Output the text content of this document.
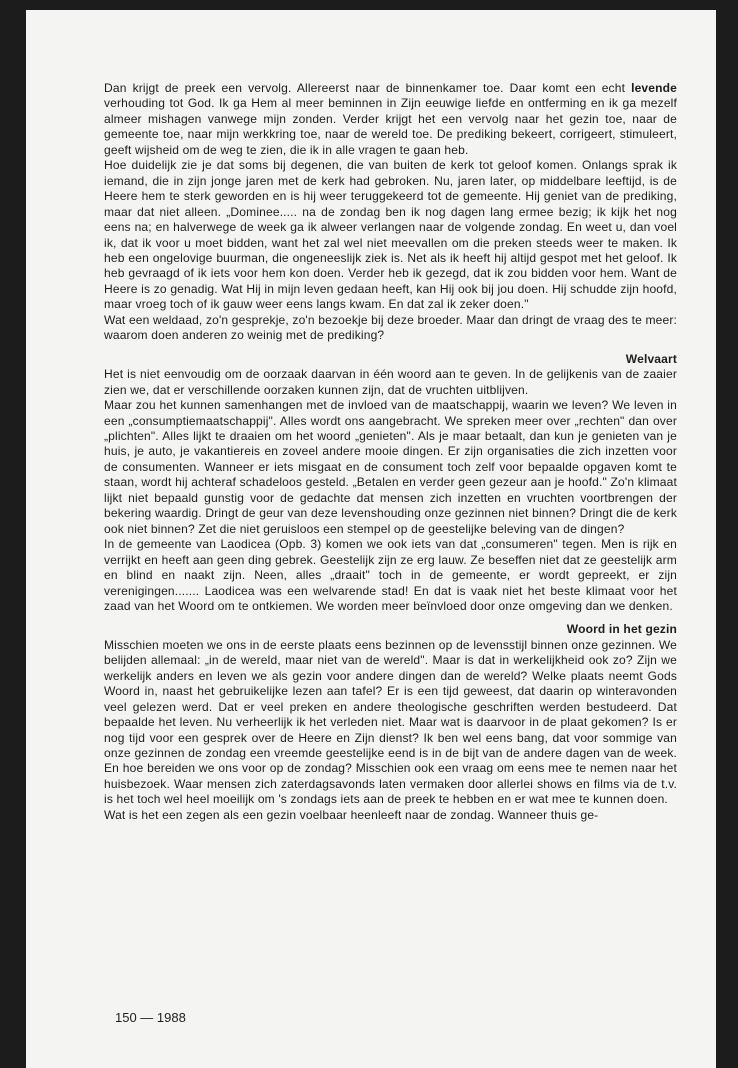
Dan krijgt de preek een vervolg. Allereerst naar de binnenkamer toe. Daar komt een echt levende verhouding tot God. Ik ga Hem al meer beminnen in Zijn eeuwige liefde en ontferming en ik ga mezelf almeer mishagen vanwege mijn zonden. Verder krijgt het een vervolg naar het gezin toe, naar de gemeente toe, naar mijn werkkring toe, naar de wereld toe. De prediking bekeert, corrigeert, stimuleert, geeft wijsheid om de weg te zien, die ik in alle vragen te gaan heb.

Hoe duidelijk zie je dat soms bij degenen, die van buiten de kerk tot geloof komen. Onlangs sprak ik iemand, die in zijn jonge jaren met de kerk had gebroken. Nu, jaren later, op middelbare leeftijd, is de Heere hem te sterk geworden en is hij weer teruggekeerd tot de gemeente. Hij geniet van de prediking, maar dat niet alleen. „Dominee..... na de zondag ben ik nog dagen lang ermee bezig; ik kijk het nog eens na; en halverwege de week ga ik alweer verlangen naar de volgende zondag. En weet u, dan voel ik, dat ik voor u moet bidden, want het zal wel niet meevallen om die preken steeds weer te maken. Ik heb een ongelovige buurman, die ongeneeslijk ziek is. Net als ik heeft hij altijd gespot met het geloof. Ik heb gevraagd of ik iets voor hem kon doen. Verder heb ik gezegd, dat ik zou bidden voor hem. Want de Heere is zo genadig. Wat Hij in mijn leven gedaan heeft, kan Hij ook bij jou doen. Hij schudde zijn hoofd, maar vroeg toch of ik gauw weer eens langs kwam. En dat zal ik zeker doen."

Wat een weldaad, zo'n gesprekje, zo'n bezoekje bij deze broeder. Maar dan dringt de vraag des te meer: waarom doen anderen zo weinig met de prediking?

Welvaart

Het is niet eenvoudig om de oorzaak daarvan in één woord aan te geven. In de gelijkenis van de zaaier zien we, dat er verschillende oorzaken kunnen zijn, dat de vruchten uitblijven.

Maar zou het kunnen samenhangen met de invloed van de maatschappij, waarin we leven? We leven in een „consumptiemaatschappij". Alles wordt ons aangebracht. We spreken meer over „rechten" dan over „plichten". Alles lijkt te draaien om het woord „genieten". Als je maar betaalt, dan kun je genieten van je huis, je auto, je vakantiereis en zoveel andere mooie dingen. Er zijn organisaties die zich inzetten voor de consumenten. Wanneer er iets misgaat en de consument toch zelf voor bepaalde opgaven komt te staan, wordt hij achteraf schadeloos gesteld. „Betalen en verder geen gezeur aan je hoofd." Zo'n klimaat lijkt niet bepaald gunstig voor de gedachte dat mensen zich inzetten en vruchten voortbrengen der bekering waardig. Dringt de geur van deze levenshouding onze gezinnen niet binnen? Dringt die de kerk ook niet binnen? Zet die niet geruisloos een stempel op de geestelijke beleving van de dingen?

In de gemeente van Laodicea (Opb. 3) komen we ook iets van dat „consumeren" tegen. Men is rijk en verrijkt en heeft aan geen ding gebrek. Geestelijk zijn ze erg lauw. Ze beseffen niet dat ze geestelijk arm en blind en naakt zijn. Neen, alles „draait" toch in de gemeente, er wordt gepreekt, er zijn verenigingen....... Laodicea was een welvarende stad! En dat is vaak niet het beste klimaat voor het zaad van het Woord om te ontkiemen. We worden meer beïnvloed door onze omgeving dan we denken.

Woord in het gezin

Misschien moeten we ons in de eerste plaats eens bezinnen op de levensstijl binnen onze gezinnen. We belijden allemaal: „in de wereld, maar niet van de wereld". Maar is dat in werkelijkheid ook zo? Zijn we werkelijk anders en leven we als gezin voor andere dingen dan de wereld? Welke plaats neemt Gods Woord in, naast het gebruikelijke lezen aan tafel? Er is een tijd geweest, dat daarin op winteravonden veel gelezen werd. Dat er veel preken en andere theologische geschriften werden bestudeerd. Dat bepaalde het leven. Nu verheerlijk ik het verleden niet. Maar wat is daarvoor in de plaat gekomen? Is er nog tijd voor een gesprek over de Heere en Zijn dienst? Ik ben wel eens bang, dat voor sommige van onze gezinnen de zondag een vreemde geestelijke eend is in de bijt van de andere dagen van de week. En hoe bereiden we ons voor op de zondag? Misschien ook een vraag om eens mee te nemen naar het huisbezoek. Waar mensen zich zaterdagsavonds laten vermaken door allerlei shows en films via de t.v. is het toch wel heel moeilijk om 's zondags iets aan de preek te hebben en er wat mee te kunnen doen.

Wat is het een zegen als een gezin voelbaar heenleeft naar de zondag. Wanneer thuis ge-

150 — 1988
